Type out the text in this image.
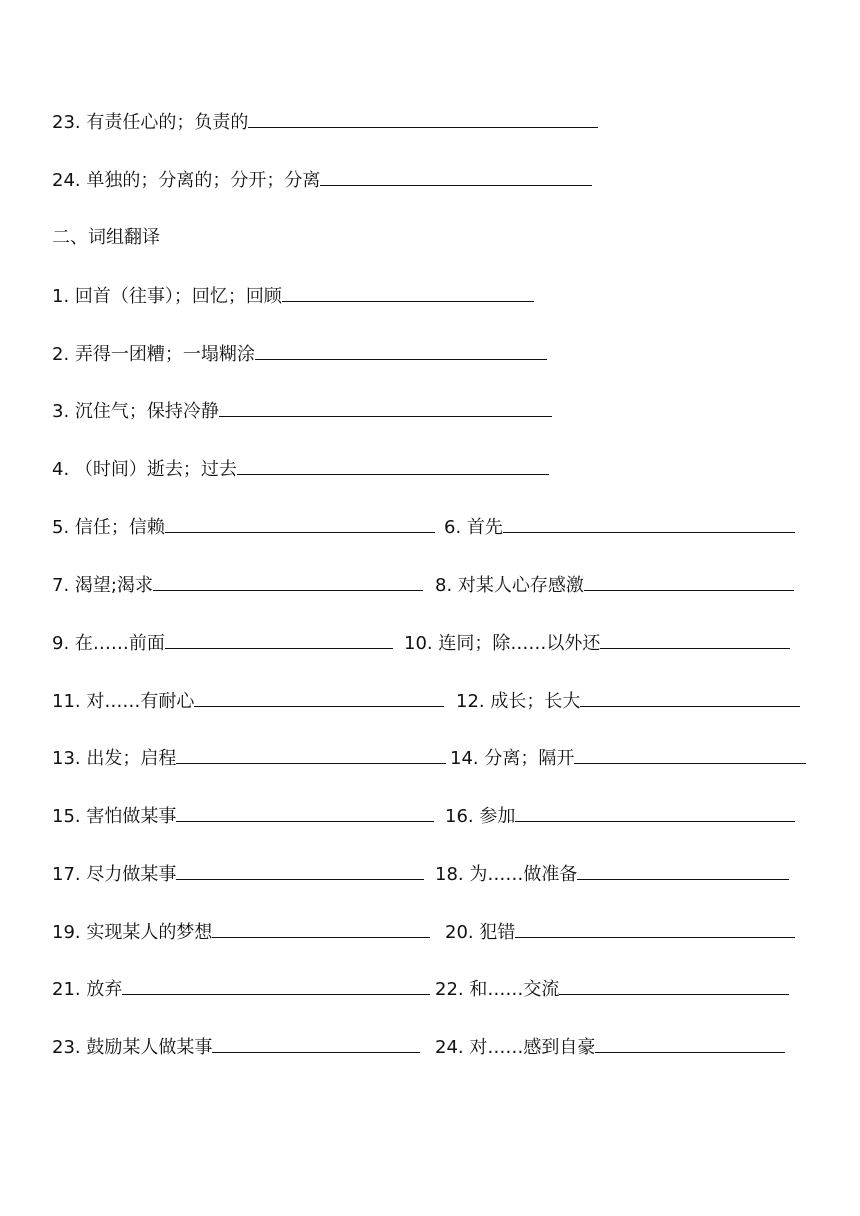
23. 有责任心的；负责的
24. 单独的；分离的；分开；分离
二、词组翻译
1. 回首（往事）；回忆；回顾
2. 弄得一团糟；一塌糊涂
3. 沉住气；保持冷静
4. （时间）逝去；过去
5. 信任；信赖	6. 首先
7. 渴望;渴求	8. 对某人心存感激
9. 在……前面	10. 连同；除……以外还
11. 对……有耐心	12. 成长；长大
13. 出发；启程	14. 分离；隔开
15. 害怕做某事	16. 参加
17. 尽力做某事	18. 为……做准备
19. 实现某人的梦想	20. 犯错
21. 放弃	22. 和……交流
23. 鼓励某人做某事	24. 对……感到自豪
